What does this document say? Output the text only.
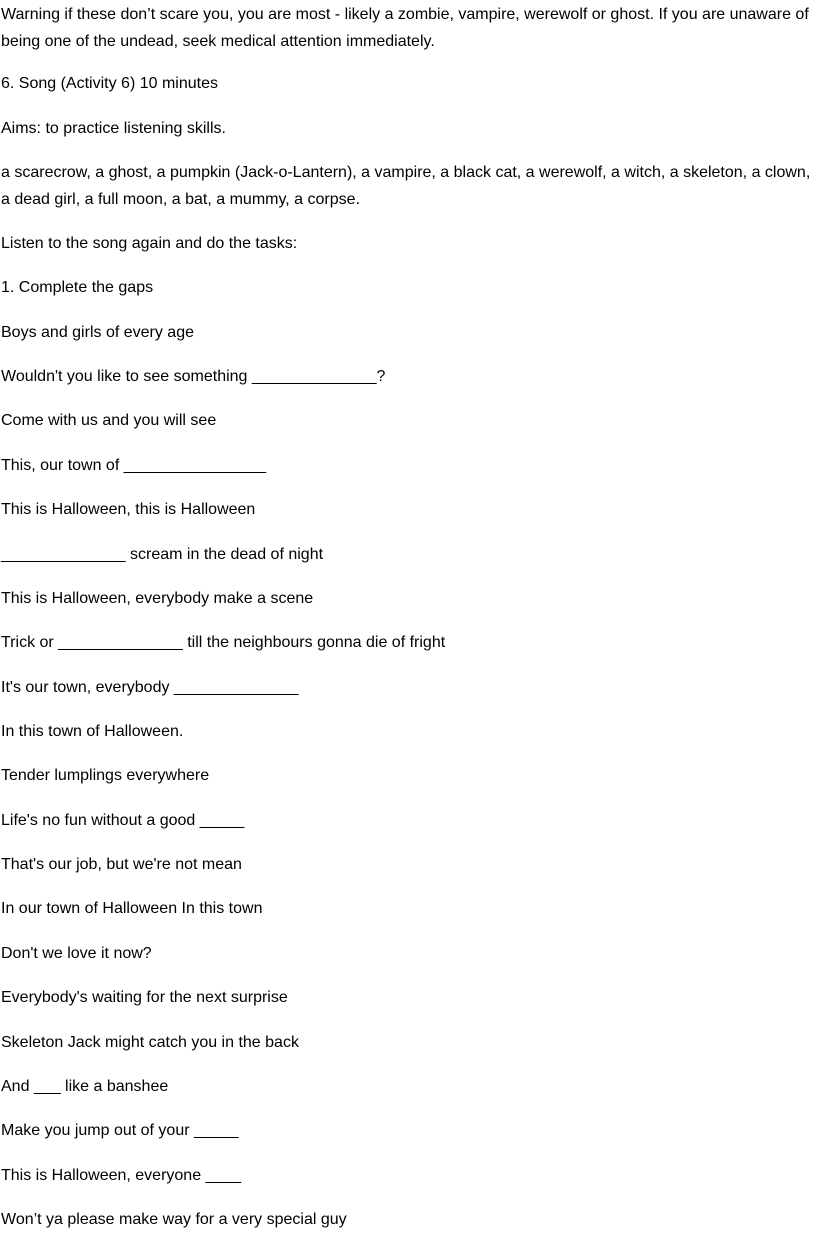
Warning if these don’t scare you, you are most - likely a zombie, vampire, werewolf or ghost. If you are unaware of being one of the undead, seek medical attention immediately.

6. Song (Activity 6) 10 minutes

Aims: to practice listening skills.

a scarecrow, a ghost, a pumpkin (Jack-o-Lantern), a vampire, a black cat, a werewolf, a witch, a skeleton, a clown, a dead girl, a full moon, a bat, a mummy, a corpse.

Listen to the song again and do the tasks:

1. Complete the gaps

Boys and girls of every age

Wouldn't you like to see something ______________?

Come with us and you will see

This, our town of ________________

This is Halloween, this is Halloween

______________ scream in the dead of night

This is Halloween, everybody make a scene

Trick or ______________ till the neighbours gonna die of fright

It's our town, everybody ______________

In this town of Halloween.

Tender lumplings everywhere

Life's no fun without a good _____

That's our job, but we're not mean

In our town of Halloween In this town

Don't we love it now?

Everybody's waiting for the next surprise

Skeleton Jack might catch you in the back

And ___ like a banshee

Make you jump out of your _____

This is Halloween, everyone ____

Won’t ya please make way for a very special guy
